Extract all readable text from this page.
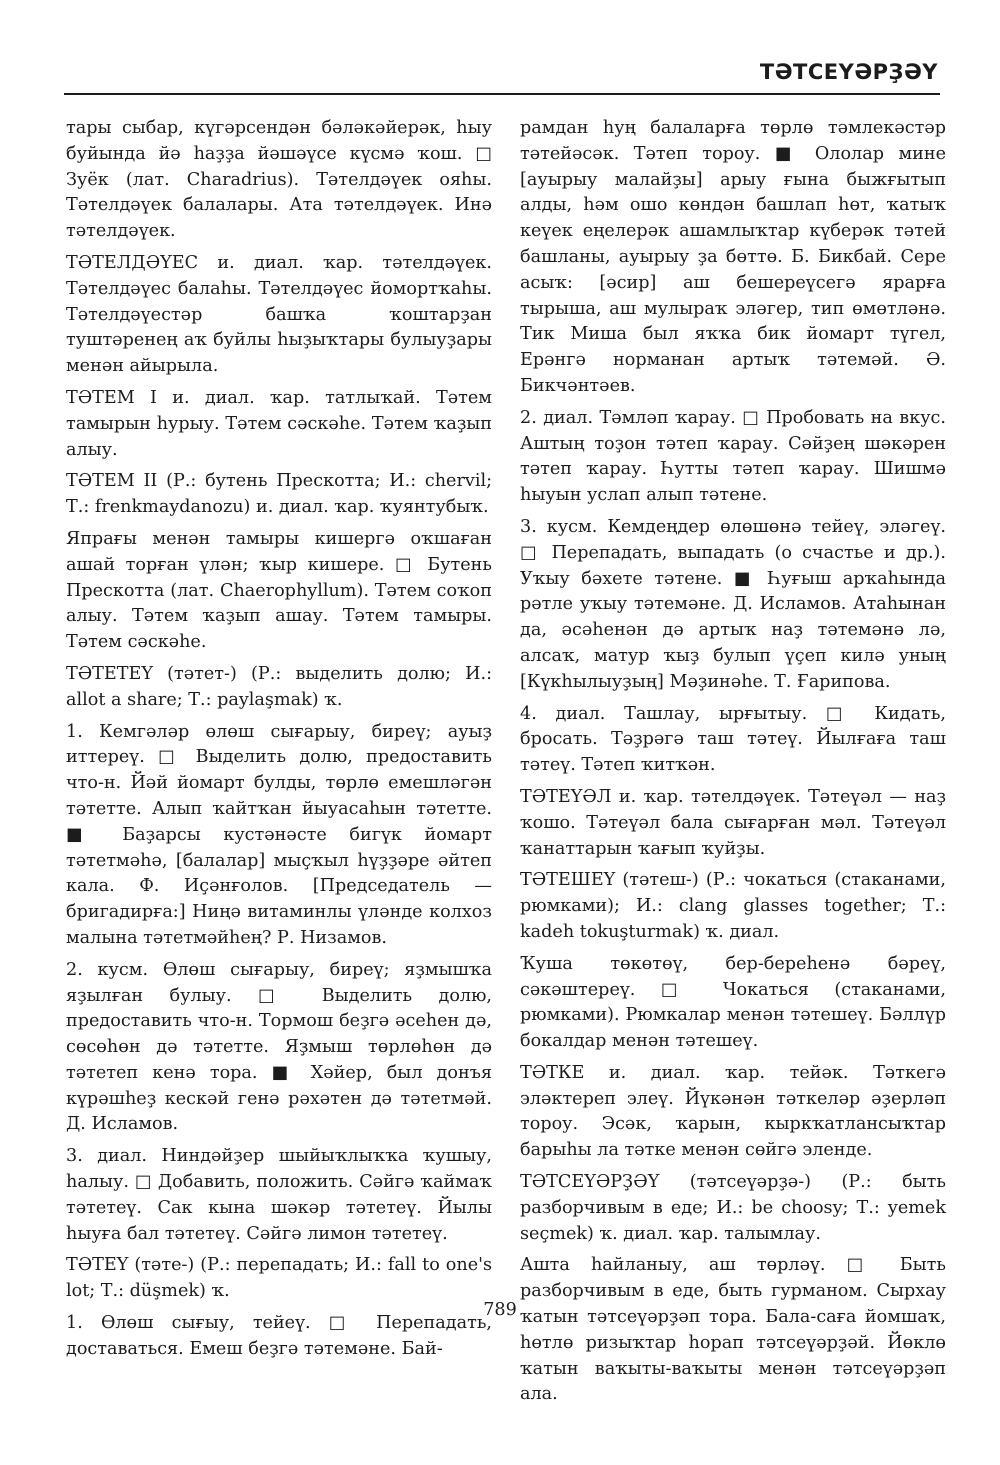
ТӘТСЕҮӘРҘӘҮ

тары сыбар, күгәрсендән бәләкәйерәк, һыу буйында йә һаҙҙа йәшәүсе күсмә ҡош. □ Зуёк (лат. Charadrius). Тәтелдәүек ояһы. Тәтелдәүек балалары. Ата тәтелдәүек. Инә тәтелдәүек.

ТӘТЕЛДӘҮЕС и. диал. ҡар. тәтелдәүек. Тәтелдәүес балаһы. Тәтелдәүес йомортҡаһы. Тәтелдәүестәр башҡа ҡоштарҙан туштәренең аҡ буйлы һыҙыҡтары булыуҙары менән айырыла.

ТӘТЕМ I и. диал. ҡар. татлыҡай. Тәтем тамырын һурыу. Тәтем сәскәһе. Тәтем ҡаҙып алыу.

ТӘТЕМ II (Р.: бутень Прескотта; И.: chervil; Т.: frenkmaydanozu) и. диал. ҡар. ҡуянтубыҡ.

Япрағы менән тамыры кишергә оҡшаған ашай торған үлән; ҡыр кишере. □ Бутень Прескотта (лат. Chaerophyllum). Тәтем соҡоп алыу. Тәтем ҡаҙып ашау. Тәтем тамыры. Тәтем сәскәһе.

ТӘТЕТЕҮ (тәтет-) (Р.: выделить долю; И.: allot a share; Т.: paylaşmak) ҡ.

1. Кемгәләр өлөш сығарыу, биреү; ауыҙ иттереү. □ Выделить долю, предоставить что-н. Йәй йомарт булды, төрлө емешләгән тәтетте. Алып ҡайтҡан йыуасаһын тәтетте. ■ Баҙарсы кустәнәсте бигүк йомарт тәтетмәһә, [балалар] мыҫҡыл һүҙҙәре әйтеп кала. Ф. Иҫәнғолов. [Председатель — бригадирға:] Ниңә витаминлы үләнде колхоз малына тәтетмәйһең? Р. Низамов.

2. кусм. Өлөш сығарыу, биреү; яҙмышҡа яҙылған булыу. □ Выделить долю, предоставить что-н. Тормош беҙгә әсеһен дә, сөсөһөн дә тәтетте. Яҙмыш төрлөһөн дә тәтетеп кенә тора. ■ Хәйер, был донъя күрәшһеҙ кескәй генә рәхәтен дә тәтетмәй. Д. Исламов.

3. диал. Ниндәйҙер шыйыҡлыҡҡа ҡушыу, һалыу. □ Добавить, положить. Сәйгә ҡаймаҡ тәтетеү. Сак кына шәкәр тәтетеү. Йылы һыуға бал тәтетеү. Сәйгә лимон тәтетеү.

ТӘТЕҮ (тәте-) (Р.: перепадать; И.: fall to one's lot; Т.: düşmek) ҡ.

1. Өлөш сығыу, тейеү. □ Перепадать, доставаться. Емеш беҙгә тәтемәне. Бай-

рамдан һуң балаларға төрлө тәмлекәстәр тәтейәсәк. Тәтеп тороу. ■ Ололар мине [ауырыу малайҙы] арыу ғына быжғытып алды, һәм ошо көндән башлап һөт, ҡатыҡ кеүек еңелерәк ашамлыҡтар күберәк тәтей башланы, ауырыу ҙа бөттө. Б. Бикбай. Сере асыҡ: [әсир] аш бешереүсегә ярарға тырыша, аш мулыраҡ эләгер, тип өмөтләнә. Тик Миша был яҡҡа бик йомарт түгел, Ерәнгә норманан артыҡ тәтемәй. Ә. Бикчәнтәев.

2. диал. Тәмләп ҡарау. □ Пробовать на вкус. Аштың тоҙон тәтеп ҡарау. Сәйҙең шәкәрен тәтеп ҡарау. Һутты тәтеп ҡарау. Шишмә һыуын услап алып тәтене.

3. кусм. Кемдеңдер өлөшөнә тейеү, эләгеү. □ Перепадать, выпадать (о счастье и др.). Уҡыу бәхете тәтене. ■ Һуғыш арҡаһында рәтле уҡыу тәтемәне. Д. Исламов. Атаһынан да, әсәһенән дә артыҡ наҙ тәтемәнә лә, алсаҡ, матур ҡыҙ булып үҫеп килә уның [Күкһылыуҙың] Мәҙинәһе. Т. Ғарипова.

4. диал. Ташлау, ырғытыу. □ Кидать, бросать. Тәҙрәгә таш тәтеү. Йылғаға таш тәтеү. Тәтеп ҡитҡән.

ТӘТЕҮӘЛ и. ҡар. тәтелдәүек. Тәтеүәл — наҙ ҡошо. Тәтеүәл бала сығарған мәл. Тәтеүәл ҡанаттарын ҡағып ҡуйҙы.

ТӘТЕШЕҮ (тәтеш-) (Р.: чокаться (стаканами, рюмками); И.: clang glasses together; Т.: kadeh tokuşturmak) ҡ. диал.

Ҡуша төкөтөү, бер-береһенә бәреү, сәкәштереү. □ Чокаться (стаканами, рюмками). Рюмкалар менән тәтешеү. Бәллүр бокалдар менән тәтешеү.

ТӘТКЕ и. диал. ҡар. тейәк. Тәткегә эләктереп элеү. Йүкәнән тәткеләр әҙерләп тороу. Эсәк, ҡарын, кыркҡатлансыҡтар барыһы ла тәтке менән сөйгә эленде.

ТӘТСЕҮӘРҘӘҮ (тәтсеүәрҙә-) (Р.: быть разборчивым в еде; И.: be choosy; Т.: yemek seçmek) ҡ. диал. ҡар. талымлау.

Ашта һайланыу, аш төрләү. □ Быть разборчивым в еде, быть гурманом. Сырхау ҡатын тәтсеүәрҙәп тора. Бала-саға йомшаҡ, һөтлө ризыҡтар һорап тәтсеүәрҙәй. Йөклө ҡатын ваҡыты-ваҡыты менән тәтсеүәрҙәп ала.

789
